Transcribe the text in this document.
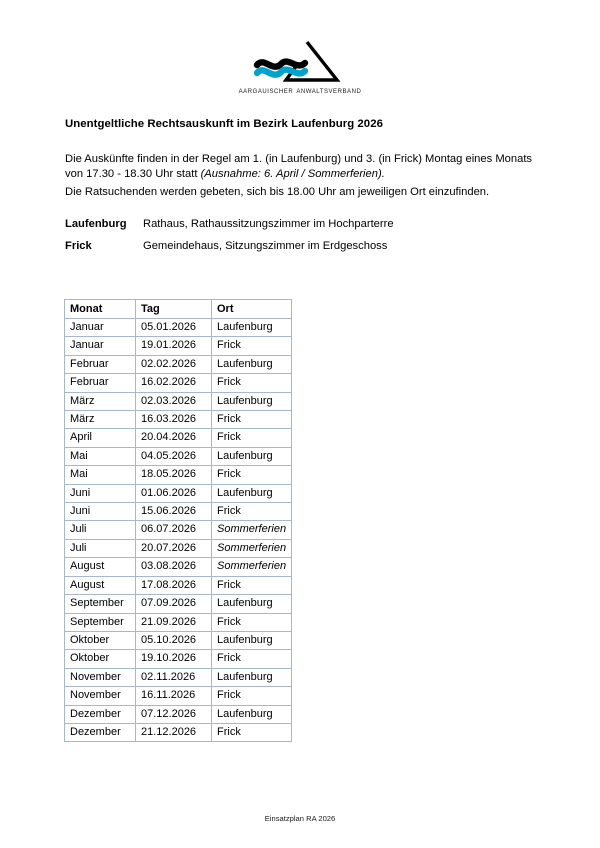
aargauischer anwaltsverband
Unentgeltliche Rechtsauskunft im Bezirk Laufenburg 2026
Die Auskünfte finden in der Regel am 1. (in Laufenburg) und 3. (in Frick) Montag eines Monats
von 17.30 - 18.30 Uhr statt (Ausnahme: 6. April / Sommerferien).
Die Ratsuchenden werden gebeten, sich bis 18.00 Uhr am jeweiligen Ort einzufinden.
Laufenburg	Rathaus, Rathaussitzungszimmer im Hochparterre
Frick	Gemeindehaus, Sitzungszimmer im Erdgeschoss
Monat	Tag	Ort
Januar	05.01.2026	Laufenburg
Januar	19.01.2026	Frick
Februar	02.02.2026	Laufenburg
Februar	16.02.2026	Frick
März	02.03.2026	Laufenburg
März	16.03.2026	Frick
April	20.04.2026	Frick
Mai	04.05.2026	Laufenburg
Mai	18.05.2026	Frick
Juni	01.06.2026	Laufenburg
Juni	15.06.2026	Frick
Juli	06.07.2026	Sommerferien
Juli	20.07.2026	Sommerferien
August	03.08.2026	Sommerferien
August	17.08.2026	Frick
September	07.09.2026	Laufenburg
September	21.09.2026	Frick
Oktober	05.10.2026	Laufenburg
Oktober	19.10.2026	Frick
November	02.11.2026	Laufenburg
November	16.11.2026	Frick
Dezember	07.12.2026	Laufenburg
Dezember	21.12.2026	Frick
Einsatzplan RA 2026
